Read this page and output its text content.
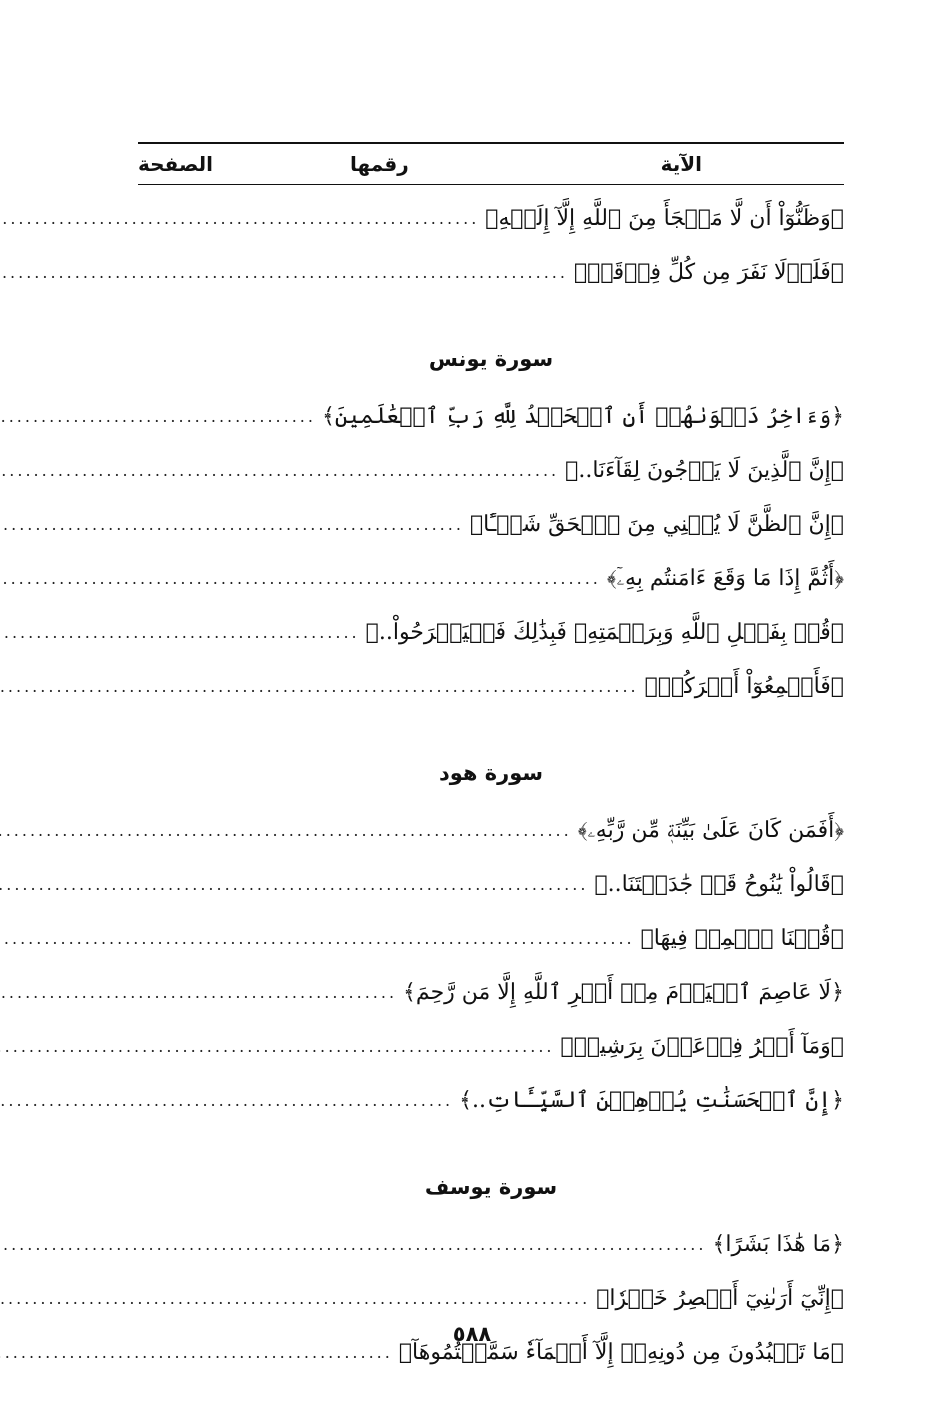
الصفحة	رقمها	الآية
﴿وَظَنُّوٓاْ أَن لَّا مَلۡجَأَ مِنَ ٱللَّهِ إِلَّآ إِلَيۡهِ﴾
.....
﴿فَلَوۡلَا نَفَرَ مِن كُلِّ فِرۡقَةٖ﴾
.....
سورة يونس
﴿وَءَاخِرُ دَعۡوَىٰهُمۡ أَنِ ٱلۡحَمۡدُ لِلَّهِ رَبِّ ٱلۡعَٰلَمِينَ﴾
.....
﴿إِنَّ ٱلَّذِينَ لَا يَرۡجُونَ لِقَآءَنَا..﴾
.....
﴿إِنَّ ٱلظَّنَّ لَا يُغۡنِي مِنَ ٱلۡحَقِّ شَيۡـًٔا﴾
.....
﴿أَثُمَّ إِذَا مَا وَقَعَ ءَامَنتُم بِهِۦٓ﴾
.....
﴿قُلۡ بِفَضۡلِ ٱللَّهِ وَبِرَحۡمَتِهِۦ فَبِذَٰلِكَ فَلۡيَفۡرَحُواْ..﴾
.....
﴿فَأَجۡمِعُوٓاْ أَمۡرَكُمۡ﴾
.....
سورة هود
﴿أَفَمَن كَانَ عَلَىٰ بَيِّنَةٖ مِّن رَّبِّهِۦ﴾
.....
﴿قَالُواْ يَٰنُوحُ قَدۡ جَٰدَلۡتَنَا..﴾
.....
﴿قُلۡنَا ٱحۡمِلۡ فِيهَا﴾
.....
﴿لَا عَاصِمَ ٱلۡيَوۡمَ مِنۡ أَمۡرِ ٱللَّهِ إِلَّا مَن رَّحِمَ﴾
.....
﴿وَمَآ أَمۡرُ فِرۡعَوۡنَ بِرَشِيدٖ﴾
.....
﴿إِنَّ ٱلۡحَسَنَٰتِ يُذۡهِبۡنَ ٱلسَّيِّـَٔاتِ..﴾
.....
سورة يوسف
﴿مَا هَٰذَا بَشَرًا﴾
.....
﴿إِنِّيٓ أَرَىٰنِيٓ أَعۡصِرُ خَمۡرٗا﴾
.....
﴿مَا تَعۡبُدُونَ مِن دُونِهِۦٓ إِلَّآ أَسۡمَآءٗ سَمَّيۡتُمُوهَآ﴾
.....
٥٨٨
